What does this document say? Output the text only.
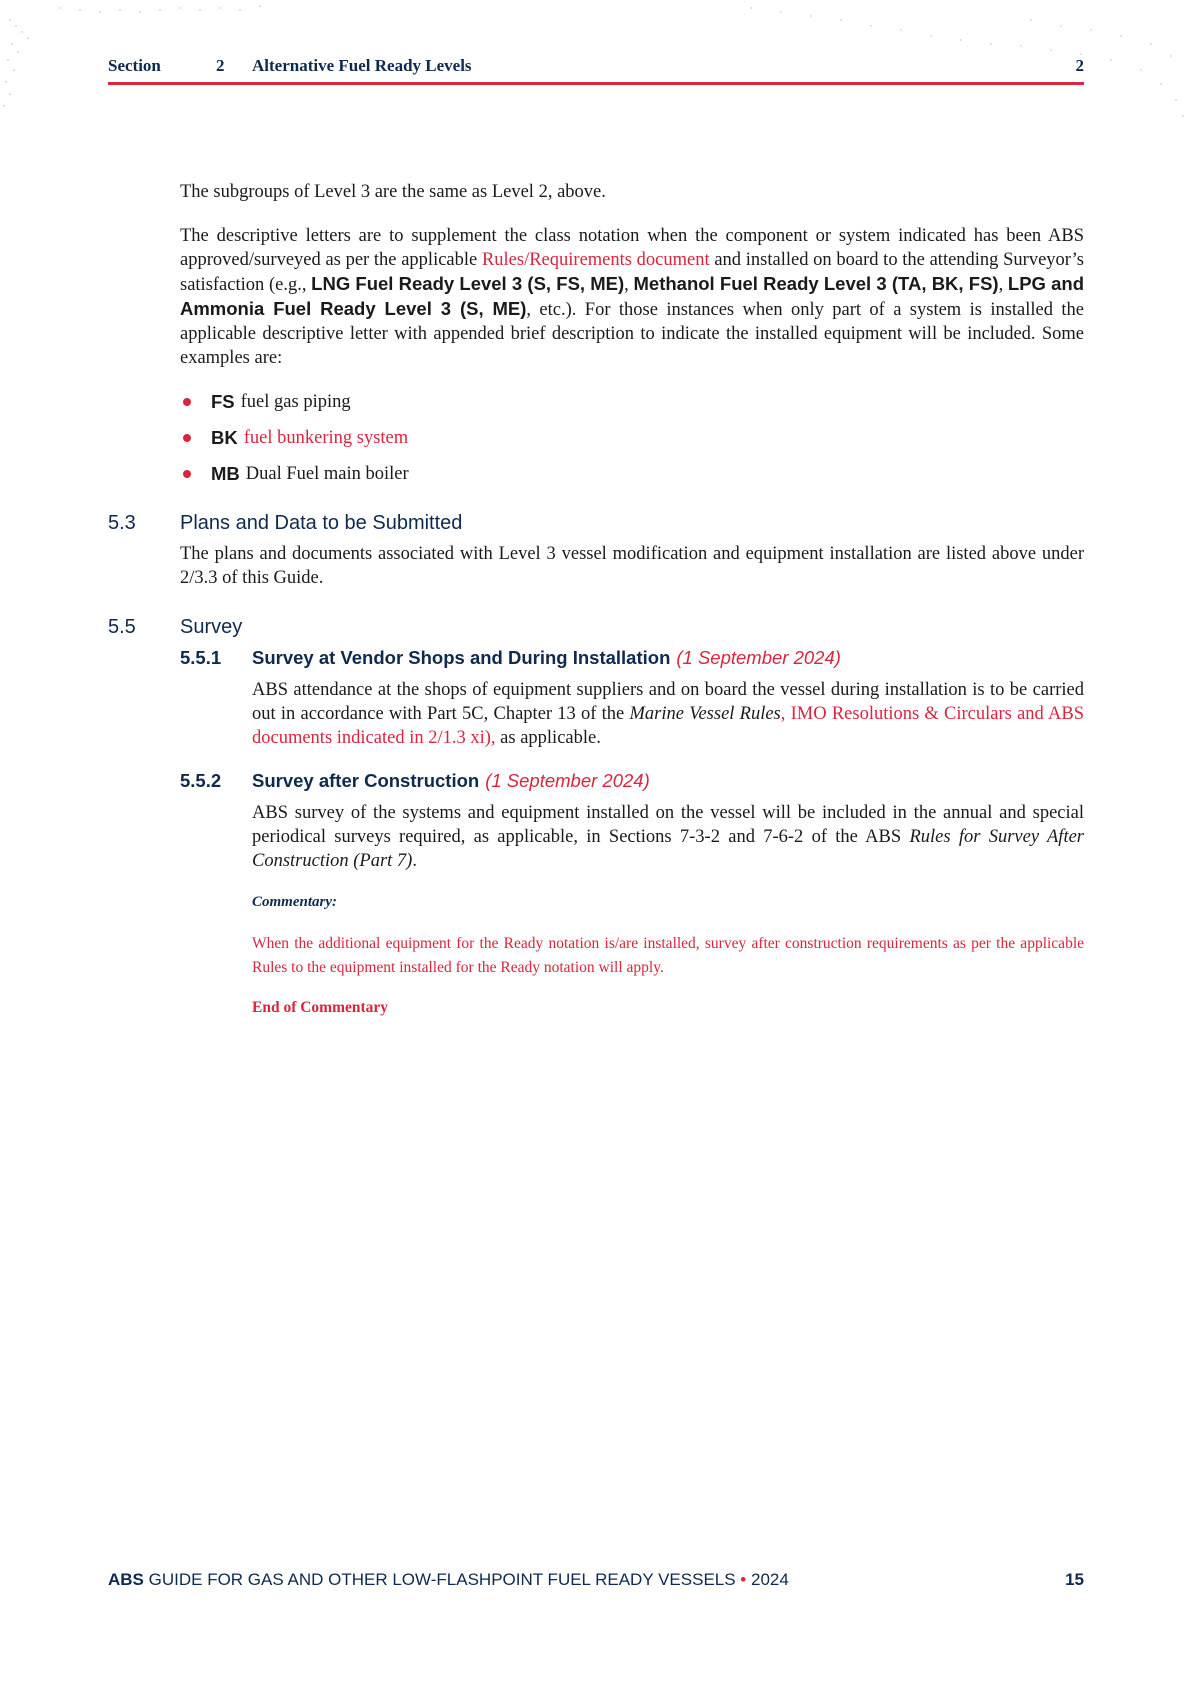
Section	2	Alternative Fuel Ready Levels	2

The subgroups of Level 3 are the same as Level 2, above.

The descriptive letters are to supplement the class notation when the component or system indicated has been ABS approved/surveyed as per the applicable Rules/Requirements document and installed on board to the attending Surveyor’s satisfaction (e.g., LNG Fuel Ready Level 3 (S, FS, ME), Methanol Fuel Ready Level 3 (TA, BK, FS), LPG and Ammonia Fuel Ready Level 3 (S, ME), etc.). For those instances when only part of a system is installed the applicable descriptive letter with appended brief description to indicate the installed equipment will be included. Some examples are:

FS fuel gas piping
BK fuel bunkering system
MB Dual Fuel main boiler
5.3	Plans and Data to be Submitted

The plans and documents associated with Level 3 vessel modification and equipment installation are listed above under 2/3.3 of this Guide.

5.5	Survey
5.5.1	Survey at Vendor Shops and During Installation (1 September 2024)
ABS attendance at the shops of equipment suppliers and on board the vessel during installation is to be carried out in accordance with Part 5C, Chapter 13 of the Marine Vessel Rules, IMO Resolutions & Circulars and ABS documents indicated in 2/1.3 xi), as applicable.
5.5.2	Survey after Construction (1 September 2024)
ABS survey of the systems and equipment installed on the vessel will be included in the annual and special periodical surveys required, as applicable, in Sections 7-3-2 and 7-6-2 of the ABS Rules for Survey After Construction (Part 7).
Commentary:
When the additional equipment for the Ready notation is/are installed, survey after construction requirements as per the applicable Rules to the equipment installed for the Ready notation will apply.
End of Commentary
ABS GUIDE FOR GAS AND OTHER LOW-FLASHPOINT FUEL READY VESSELS • 2024	15
